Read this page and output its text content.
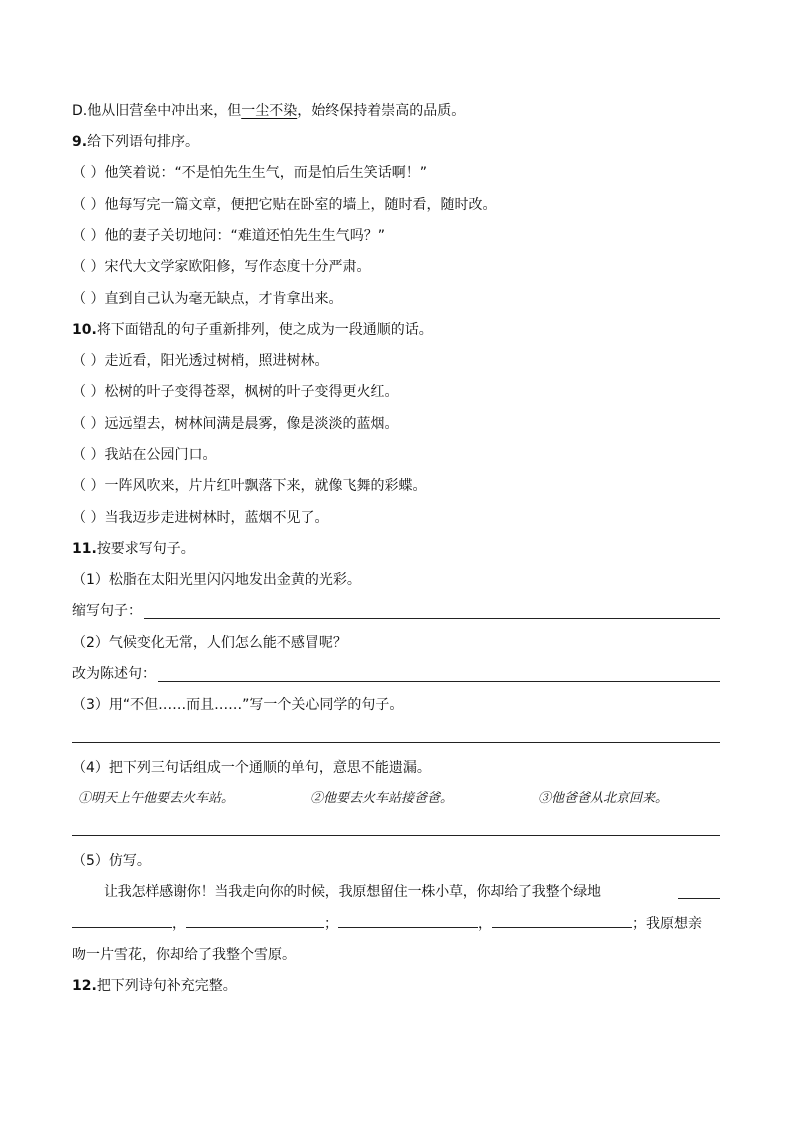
D.他从旧营垒中冲出来，但一尘不染，始终保持着崇高的品质。
9.给下列语句排序。
（ ）他笑着说：“不是怕先生生气，而是怕后生笑话啊！”
（ ）他每写完一篇文章，便把它贴在卧室的墙上，随时看，随时改。
（ ）他的妻子关切地问：“难道还怕先生生气吗？”
（ ）宋代大文学家欧阳修，写作态度十分严肃。
（ ）直到自己认为毫无缺点，才肯拿出来。
10.将下面错乱的句子重新排列，使之成为一段通顺的话。
（ ）走近看，阳光透过树梢，照进树林。
（ ）松树的叶子变得苍翠，枫树的叶子变得更火红。
（ ）远远望去，树林间满是晨雾，像是淡淡的蓝烟。
（ ）我站在公园门口。
（ ）一阵风吹来，片片红叶飘落下来，就像飞舞的彩蝶。
（ ）当我迈步走进树林时，蓝烟不见了。
11.按要求写句子。
（1）松脂在太阳光里闪闪地发出金黄的光彩。
缩写句子：
（2）气候变化无常，人们怎么能不感冒呢？
改为陈述句：
（3）用“不但……而且……”写一个关心同学的句子。
（4）把下列三句话组成一个通顺的单句，意思不能遗漏。
①明天上午他要去火车站。	②他要去火车站接爸爸。	③他爸爸从北京回来。
（5）仿写。
让我怎样感谢你！当我走向你的时候，我原想留住一株小草，你却给了我整个绿地
，	；	，	；我原想亲
吻一片雪花，你却给了我整个雪原。
12.把下列诗句补充完整。
